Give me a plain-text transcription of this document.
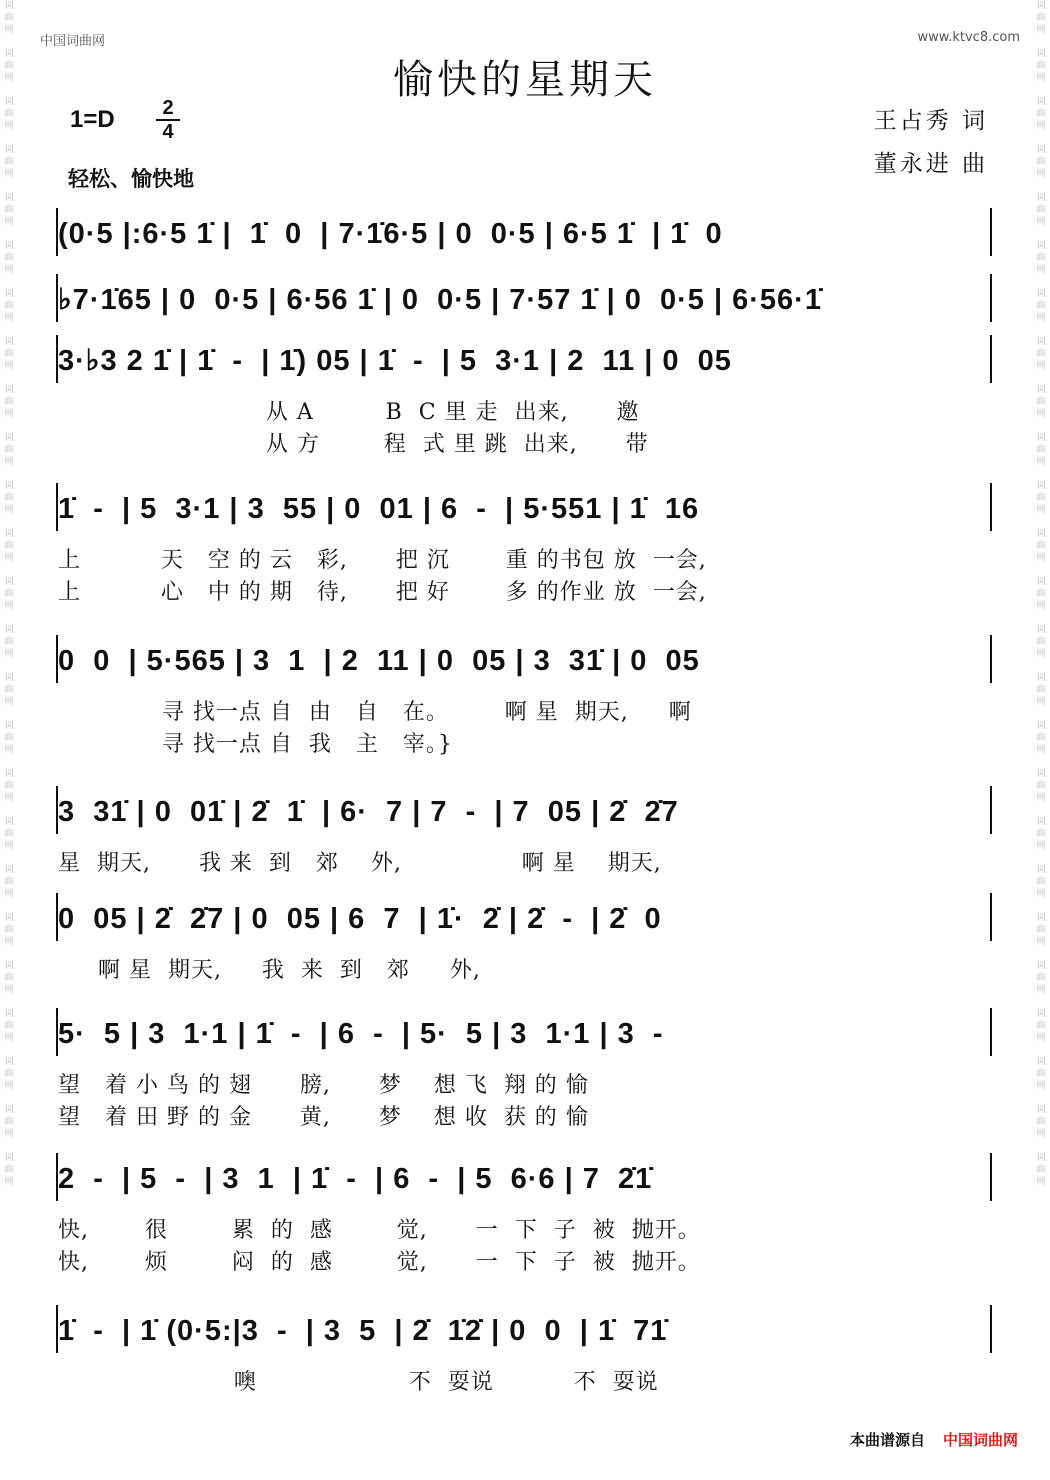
词曲网

词曲网

词曲网

词曲网

词曲网

词曲网

词曲网

词曲网

词曲网

词曲网

词曲网

词曲网

词曲网

词曲网

词曲网

词曲网

词曲网

词曲网

词曲网

词曲网

词曲网

词曲网

词曲网

词曲网

词曲网
词曲网

词曲网

词曲网

词曲网

词曲网

词曲网

词曲网

词曲网

词曲网

词曲网

词曲网

词曲网

词曲网

词曲网

词曲网

词曲网

词曲网

词曲网

词曲网

词曲网

词曲网

词曲网

词曲网

词曲网

词曲网
中国词曲网	www.ktvc8.com
愉快的星期天
1=D	2
4
轻松、愉快地
王占秀 词
董永进 曲
(0·5 |:6·5 1̇ |  1̇  0  | 7·1̇6·5 | 0  0·5 | 6·5 1̇  | 1̇  0
♭7·1̇65 | 0  0·5 | 6·56 1̇ | 0  0·5 | 7·57 1̇ | 0  0·5 | 6·56·1̇
3·♭3 2 1̇ | 1̇  -  | 1̇) 05 | 1̇  -  | 5  3·1 | 2  11 | 0  05
从 A         B  C 里 走  出来,      邀
从 方        程  式 里 跳  出来,      带
1̇  -  | 5  3·1 | 3  55 | 0  01 | 6  -  | 5·551 | 1̇  16
上          天   空 的 云   彩,      把 沉       重 的书包 放  一会,
上          心   中 的 期   待,      把 好       多 的作业 放  一会,
0  0  | 5·565 | 3  1  | 2  11 | 0  05 | 3  31̇ | 0  05
寻 找一点 自  由   自   在。       啊 星  期天,     啊
寻 找一点 自  我   主   宰。}
3  31̇ | 0  01̇ | 2̇  1̇  | 6·  7 | 7  -  | 7  05 | 2̇  2̇7
星  期天,      我 来  到   郊    外,               啊 星    期天,
0  05 | 2̇  2̇7 | 0  05 | 6  7  | 1̇·  2̇ | 2̇  -  | 2̇  0
啊 星  期天,     我  来  到   郊     外,
5·  5 | 3  1·1 | 1̇  -  | 6  -  | 5·  5 | 3  1·1 | 3  -
望   着 小 鸟 的 翅      膀,      梦    想 飞  翔 的 愉
望   着 田 野 的 金      黄,      梦    想 收  获 的 愉
2  -  | 5  -  | 3  1  | 1̇  -  | 6  -  | 5  6·6 | 7  2̇1̇
快,       很        累  的  感        觉,      一  下  子  被  抛开。
快,       烦        闷  的  感        觉,      一  下  子  被  抛开。
1̇  -  | 1̇ (0·5:|3  -  | 3  5  | 2̇  1̇2̇ | 0  0  | 1̇  71̇
噢                   不  耍说          不  耍说
本曲谱源自 中国词曲网
